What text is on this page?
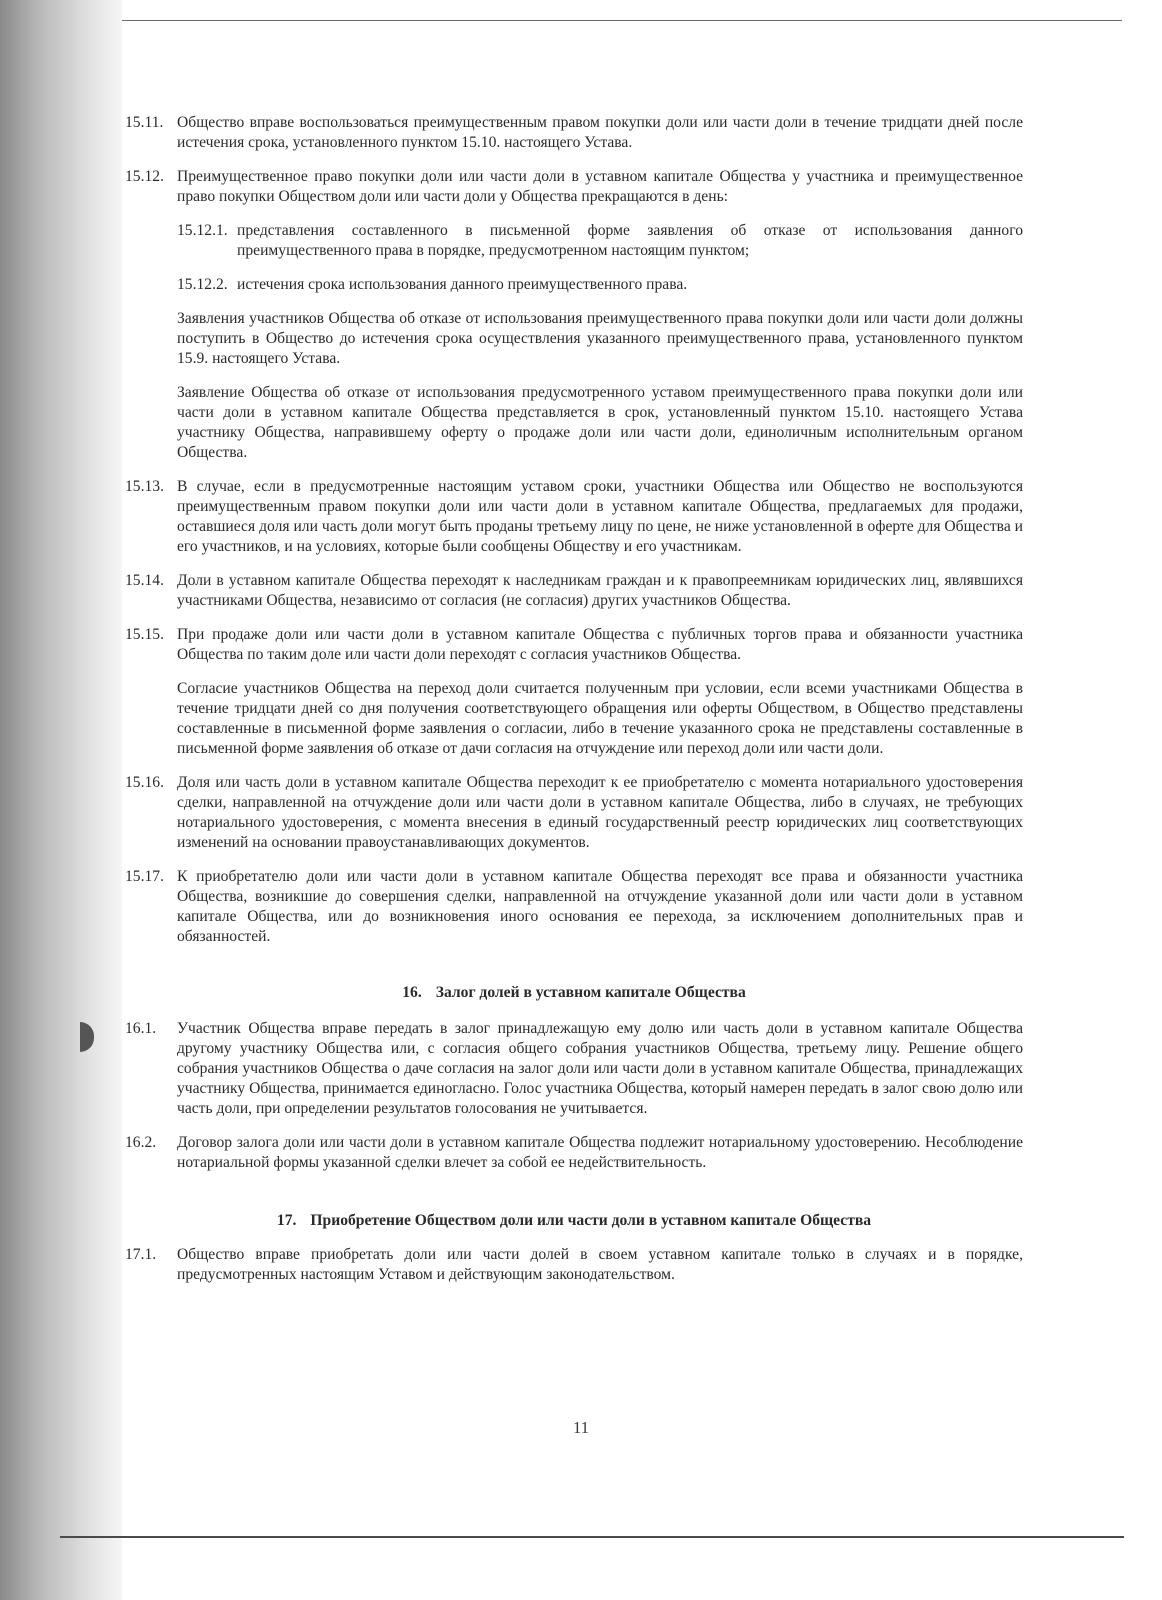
15.11. Общество вправе воспользоваться преимущественным правом покупки доли или части доли в течение тридцати дней после истечения срока, установленного пунктом 15.10. настоящего Устава.
15.12. Преимущественное право покупки доли или части доли в уставном капитале Общества у участника и преимущественное право покупки Обществом доли или части доли у Общества прекращаются в день:
15.12.1. представления составленного в письменной форме заявления об отказе от использования данного преимущественного права в порядке, предусмотренном настоящим пунктом;
15.12.2. истечения срока использования данного преимущественного права.
Заявления участников Общества об отказе от использования преимущественного права покупки доли или части доли должны поступить в Общество до истечения срока осуществления указанного преимущественного права, установленного пунктом 15.9. настоящего Устава.
Заявление Общества об отказе от использования предусмотренного уставом преимущественного права покупки доли или части доли в уставном капитале Общества представляется в срок, установленный пунктом 15.10. настоящего Устава участнику Общества, направившему оферту о продаже доли или части доли, единоличным исполнительным органом Общества.
15.13. В случае, если в предусмотренные настоящим уставом сроки, участники Общества или Общество не воспользуются преимущественным правом покупки доли или части доли в уставном капитале Общества, предлагаемых для продажи, оставшиеся доля или часть доли могут быть проданы третьему лицу по цене, не ниже установленной в оферте для Общества и его участников, и на условиях, которые были сообщены Обществу и его участникам.
15.14. Доли в уставном капитале Общества переходят к наследникам граждан и к правопреемникам юридических лиц, являвшихся участниками Общества, независимо от согласия (не согласия) других участников Общества.
15.15. При продаже доли или части доли в уставном капитале Общества с публичных торгов права и обязанности участника Общества по таким доле или части доли переходят с согласия участников Общества.
Согласие участников Общества на переход доли считается полученным при условии, если всеми участниками Общества в течение тридцати дней со дня получения соответствующего обращения или оферты Обществом, в Общество представлены составленные в письменной форме заявления о согласии, либо в течение указанного срока не представлены составленные в письменной форме заявления об отказе от дачи согласия на отчуждение или переход доли или части доли.
15.16. Доля или часть доли в уставном капитале Общества переходит к ее приобретателю с момента нотариального удостоверения сделки, направленной на отчуждение доли или части доли в уставном капитале Общества, либо в случаях, не требующих нотариального удостоверения, с момента внесения в единый государственный реестр юридических лиц соответствующих изменений на основании правоустанавливающих документов.
15.17. К приобретателю доли или части доли в уставном капитале Общества переходят все права и обязанности участника Общества, возникшие до совершения сделки, направленной на отчуждение указанной доли или части доли в уставном капитале Общества, или до возникновения иного основания ее перехода, за исключением дополнительных прав и обязанностей.
16. Залог долей в уставном капитале Общества
16.1. Участник Общества вправе передать в залог принадлежащую ему долю или часть доли в уставном капитале Общества другому участнику Общества или, с согласия общего собрания участников Общества, третьему лицу. Решение общего собрания участников Общества о даче согласия на залог доли или части доли в уставном капитале Общества, принадлежащих участнику Общества, принимается единогласно. Голос участника Общества, который намерен передать в залог свою долю или часть доли, при определении результатов голосования не учитывается.
16.2. Договор залога доли или части доли в уставном капитале Общества подлежит нотариальному удостоверению. Несоблюдение нотариальной формы указанной сделки влечет за собой ее недействительность.
17. Приобретение Обществом доли или части доли в уставном капитале Общества
17.1. Общество вправе приобретать доли или части долей в своем уставном капитале только в случаях и в порядке, предусмотренных настоящим Уставом и действующим законодательством.
11
